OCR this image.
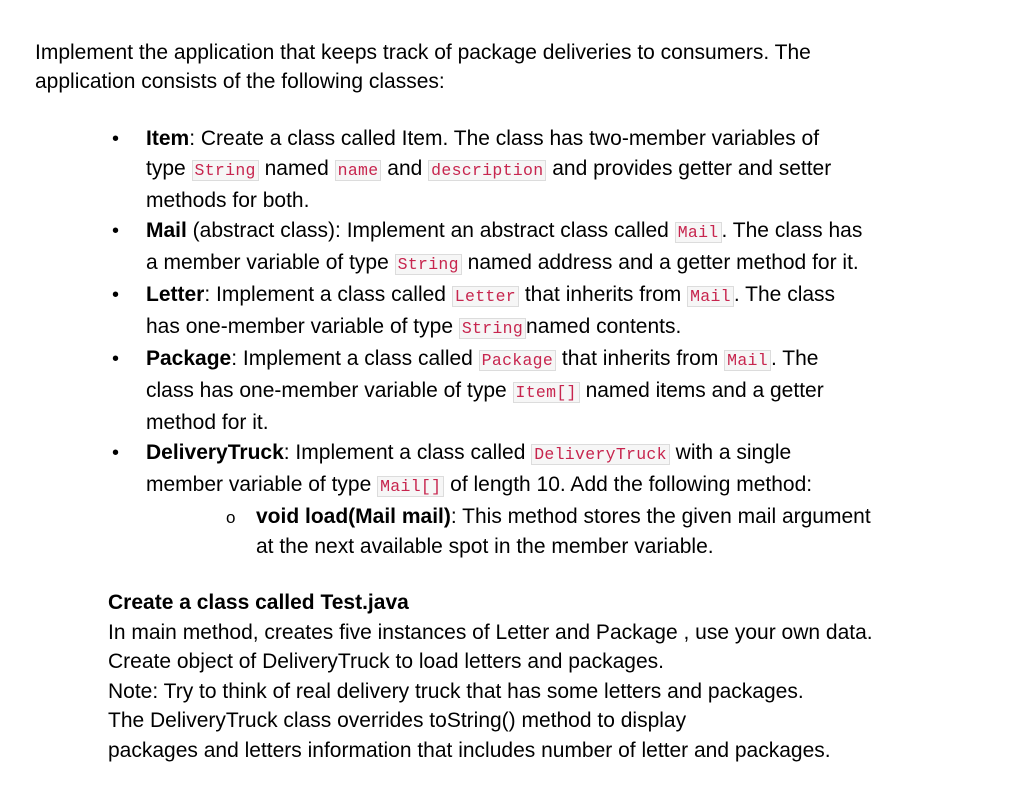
Implement the application that keeps track of package deliveries to consumers. The
application consists of the following classes:
• Item: Create a class called Item. The class has two-member variables of
type String named name and description and provides getter and setter
methods for both.
• Mail (abstract class): Implement an abstract class called Mail . The class has
a member variable of type String named address and a getter method for it.
• Letter: Implement a class called Letter that inherits from Mail . The class
has one-member variable of type String named contents.
• Package: Implement a class called Package that inherits from Mail . The
class has one-member variable of type Item[] named items and a getter
method for it.
• DeliveryTruck: Implement a class called DeliveryTruck with a single
member variable of type Mail[] of length 10. Add the following method:
o void load(Mail mail): This method stores the given mail argument
at the next available spot in the member variable.
Create a class called Test.java
In main method, creates five instances of Letter and Package , use your own data.
Create object of DeliveryTruck to load letters and packages.
Note: Try to think of real delivery truck that has some letters and packages.
The DeliveryTruck class overrides toString() method to display
packages and letters information that includes number of letter and packages.
